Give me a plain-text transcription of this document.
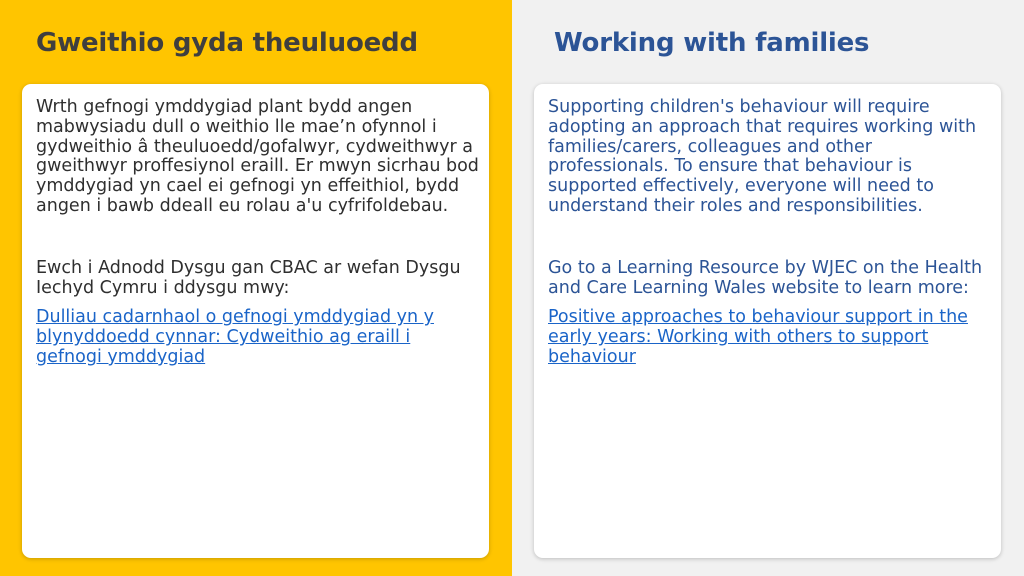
Gweithio gyda theuluoedd

Wrth gefnogi ymddygiad plant bydd angen mabwysiadu dull o weithio lle mae’n ofynnol i gydweithio â theuluoedd/gofalwyr, cydweithwyr a gweithwyr proffesiynol eraill. Er mwyn sicrhau bod ymddygiad yn cael ei gefnogi yn effeithiol, bydd angen i bawb ddeall eu rolau a'u cyfrifoldebau.

Ewch i Adnodd Dysgu gan CBAC ar wefan Dysgu Iechyd Cymru i ddysgu mwy:

Dulliau cadarnhaol o gefnogi ymddygiad yn y blynyddoedd cynnar: Cydweithio ag eraill i gefnogi ymddygiad
Working with families

Supporting children's behaviour will require adopting an approach that requires working with families/carers, colleagues and other professionals. To ensure that behaviour is supported effectively, everyone will need to understand their roles and responsibilities.

Go to a Learning Resource by WJEC on the Health and Care Learning Wales website to learn more:

Positive approaches to behaviour support in the early years: Working with others to support behaviour
